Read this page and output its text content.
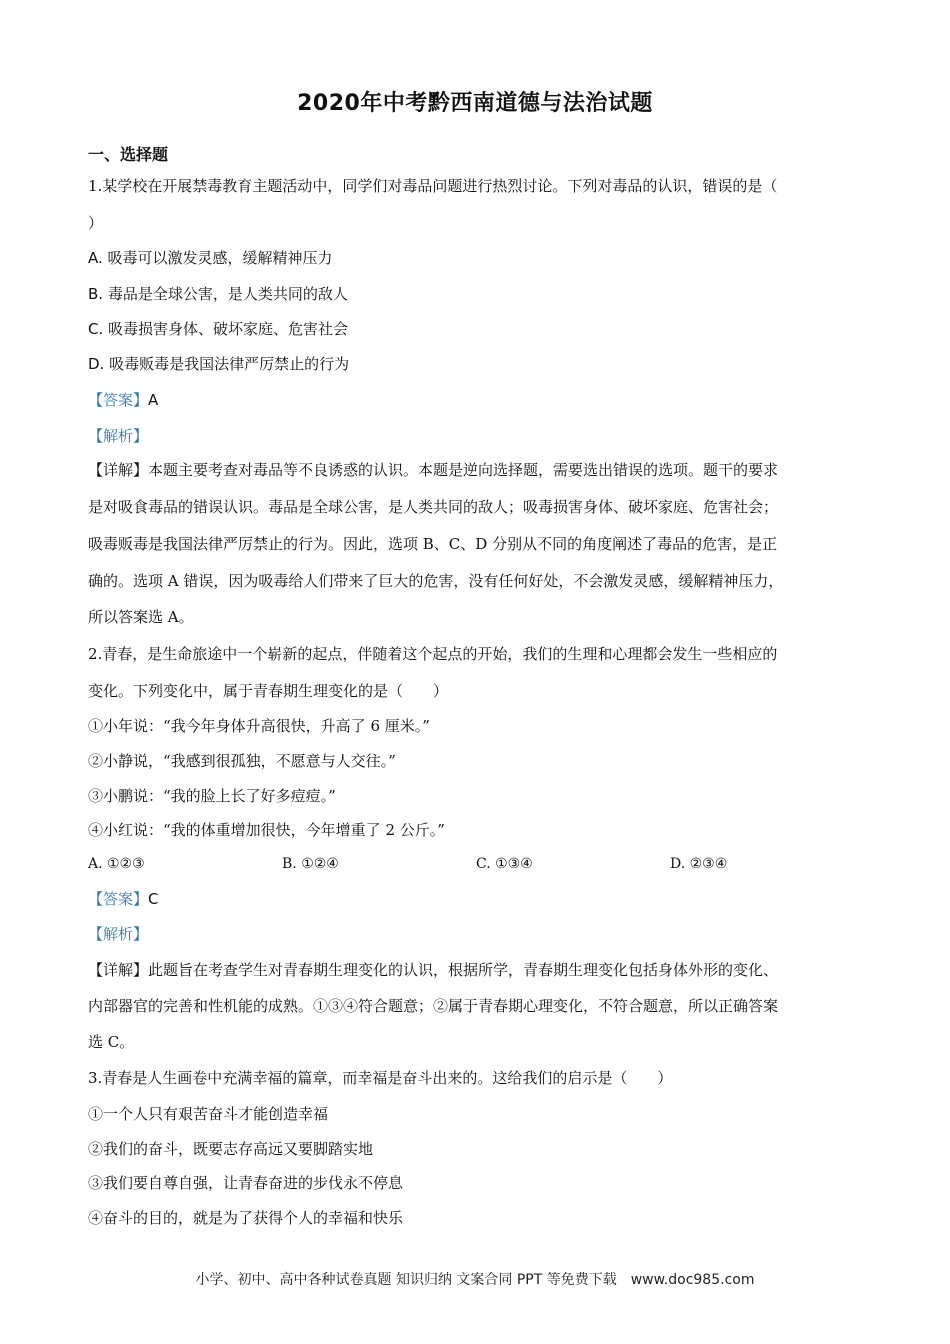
2020年中考黔西南道德与法治试题
一、选择题
1.某学校在开展禁毒教育主题活动中，同学们对毒品问题进行热烈讨论。下列对毒品的认识，错误的是（
）
A. 吸毒可以激发灵感，缓解精神压力
B. 毒品是全球公害，是人类共同的敌人
C. 吸毒损害身体、破坏家庭、危害社会
D. 吸毒贩毒是我国法律严厉禁止的行为
【答案】A
【解析】
【详解】本题主要考查对毒品等不良诱惑的认识。本题是逆向选择题，需要选出错误的选项。题干的要求
是对吸食毒品的错误认识。毒品是全球公害，是人类共同的敌人；吸毒损害身体、破坏家庭、危害社会；
吸毒贩毒是我国法律严厉禁止的行为。因此，选项 B、C、D 分别从不同的角度阐述了毒品的危害，是正
确的。选项 A 错误，因为吸毒给人们带来了巨大的危害，没有任何好处，不会激发灵感，缓解精神压力，
所以答案选 A。
2.青春，是生命旅途中一个崭新的起点，伴随着这个起点的开始，我们的生理和心理都会发生一些相应的
变化。下列变化中，属于青春期生理变化的是（　　）
①小年说：“我今年身体升高很快，升高了 6 厘米。”
②小静说，“我感到很孤独，不愿意与人交往。”
③小鹏说：“我的脸上长了好多痘痘。”
④小红说：“我的体重增加很快，今年增重了 2 公斤。”
A. ①②③	B. ①②④	C. ①③④	D. ②③④
【答案】C
【解析】
【详解】此题旨在考查学生对青春期生理变化的认识，根据所学，青春期生理变化包括身体外形的变化、
内部器官的完善和性机能的成熟。①③④符合题意；②属于青春期心理变化，不符合题意，所以正确答案
选 C。
3.青春是人生画卷中充满幸福的篇章，而幸福是奋斗出来的。这给我们的启示是（　　）
①一个人只有艰苦奋斗才能创造幸福
②我们的奋斗，既要志存高远又要脚踏实地
③我们要自尊自强，让青春奋进的步伐永不停息
④奋斗的目的，就是为了获得个人的幸福和快乐
小学、初中、高中各种试卷真题 知识归纳 文案合同 PPT 等免费下载　www.doc985.com
